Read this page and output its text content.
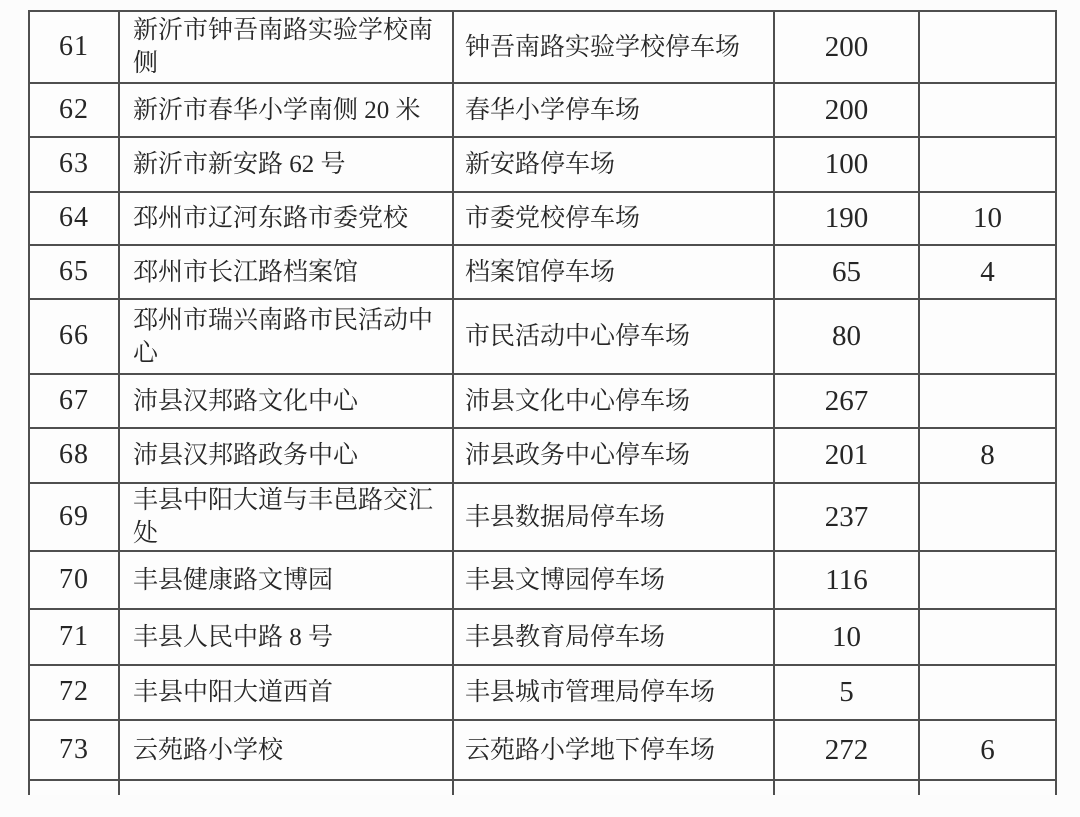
61	新沂市钟吾南路实验学校南侧	钟吾南路实验学校停车场	200	
62	新沂市春华小学南侧 20 米	春华小学停车场	200	
63	新沂市新安路 62 号	新安路停车场	100	
64	邳州市辽河东路市委党校	市委党校停车场	190	10
65	邳州市长江路档案馆	档案馆停车场	65	4
66	邳州市瑞兴南路市民活动中心	市民活动中心停车场	80	
67	沛县汉邦路文化中心	沛县文化中心停车场	267	
68	沛县汉邦路政务中心	沛县政务中心停车场	201	8
69	丰县中阳大道与丰邑路交汇处	丰县数据局停车场	237	
70	丰县健康路文博园	丰县文博园停车场	116	
71	丰县人民中路 8 号	丰县教育局停车场	10	
72	丰县中阳大道西首	丰县城市管理局停车场	5	
73	云苑路小学校	云苑路小学地下停车场	272	6
